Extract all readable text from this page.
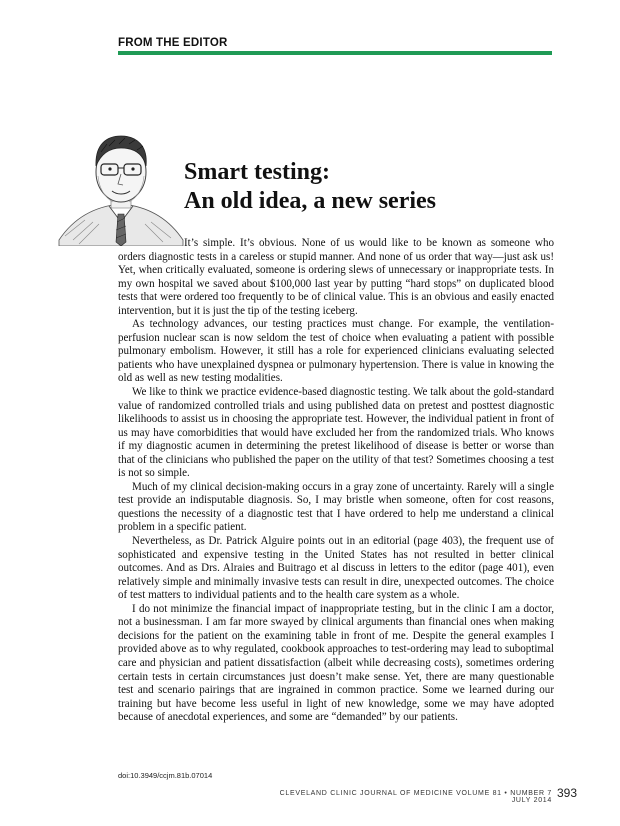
FROM THE EDITOR
Smart testing:
An old idea, a new series

It’s simple. It’s obvious. None of us would like to be known as someone who orders diagnostic tests in a careless or stupid manner. And none of us order that way—just ask us! Yet, when critically evaluated, someone is ordering slews of unnecessary or inappropriate tests. In my own hospital we saved about $100,000 last year by putting “hard stops” on duplicated blood tests that were ordered too frequently to be of clinical value. This is an obvious and easily enacted intervention, but it is just the tip of the testing iceberg.

As technology advances, our testing practices must change. For example, the ventilation-perfusion nuclear scan is now seldom the test of choice when evaluating a patient with possible pulmonary embolism. However, it still has a role for experienced clinicians evaluating selected patients who have unexplained dyspnea or pulmonary hypertension. There is value in knowing the old as well as new testing modalities.

We like to think we practice evidence-based diagnostic testing. We talk about the gold-standard value of randomized controlled trials and using published data on pretest and posttest diagnostic likelihoods to assist us in choosing the appropriate test. However, the individual patient in front of us may have comorbidities that would have excluded her from the randomized trials. Who knows if my diagnostic acumen in determining the pretest likelihood of disease is better or worse than that of the clinicians who published the paper on the utility of that test? Sometimes choosing a test is not so simple.

Much of my clinical decision-making occurs in a gray zone of uncertainty. Rarely will a single test provide an indisputable diagnosis. So, I may bristle when someone, often for cost reasons, questions the necessity of a diagnostic test that I have ordered to help me understand a clinical problem in a specific patient.

Nevertheless, as Dr. Patrick Alguire points out in an editorial (page 403), the frequent use of sophisticated and expensive testing in the United States has not resulted in better clinical outcomes. And as Drs. Alraies and Buitrago et al discuss in letters to the editor (page 401), even relatively simple and minimally invasive tests can result in dire, unexpected outcomes. The choice of test matters to individual patients and to the health care system as a whole.

I do not minimize the financial impact of inappropriate testing, but in the clinic I am a doctor, not a businessman. I am far more swayed by clinical arguments than financial ones when making decisions for the patient on the examining table in front of me. Despite the general examples I provided above as to why regulated, cookbook approaches to test-ordering may lead to suboptimal care and physician and patient dissatisfaction (albeit while decreasing costs), sometimes ordering certain tests in certain circumstances just doesn’t make sense. Yet, there are many questionable test and scenario pairings that are ingrained in common practice. Some we learned during our training but have become less useful in light of new knowledge, some we may have adopted because of anecdotal experiences, and some are “demanded” by our patients.

doi:10.3949/ccjm.81b.07014
CLEVELAND CLINIC JOURNAL OF MEDICINE VOLUME 81 • NUMBER 7 JULY 2014
393
